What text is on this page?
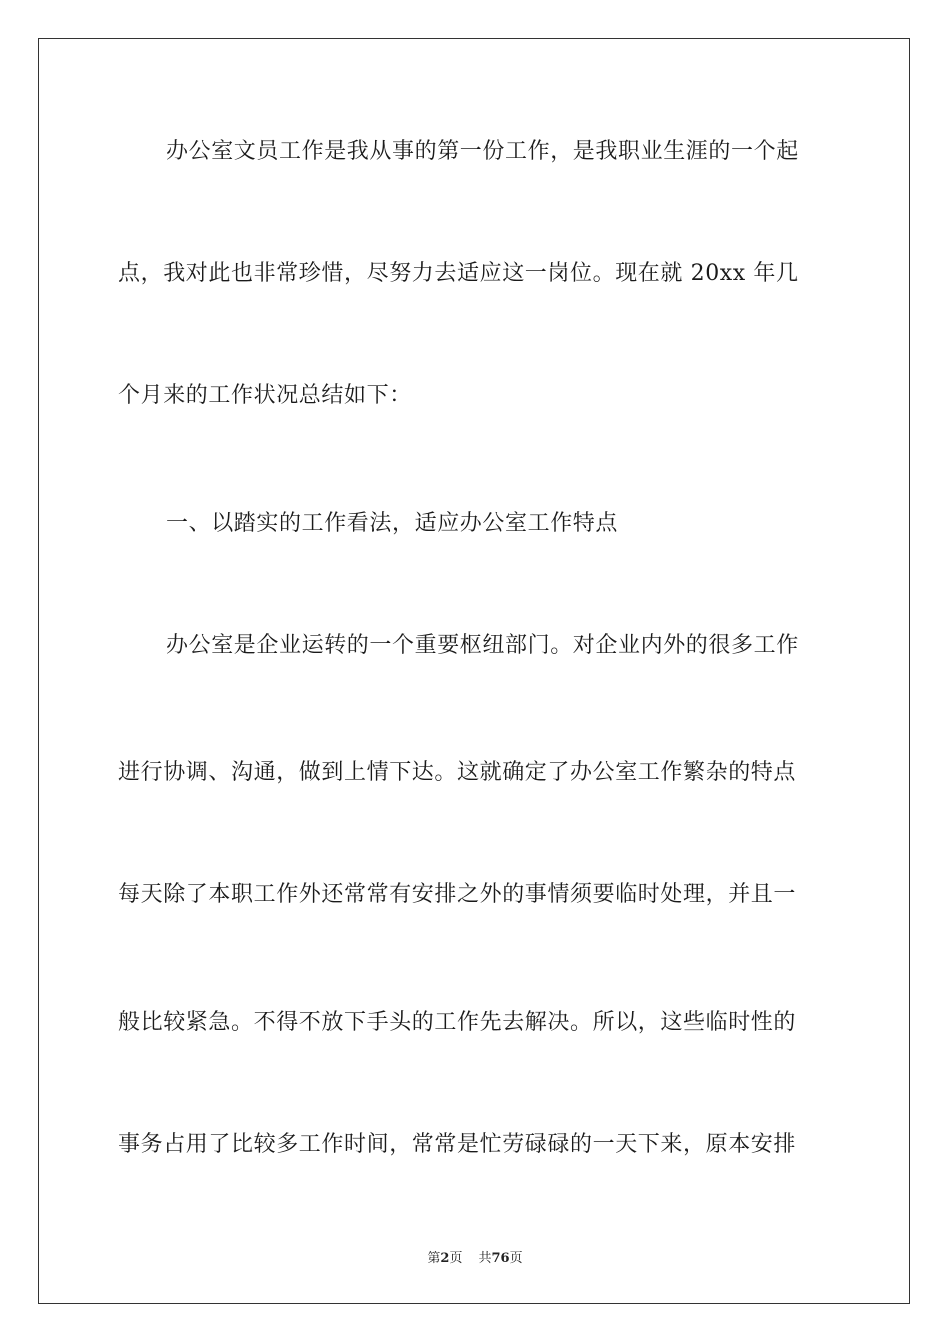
办公室文员工作是我从事的第一份工作，是我职业生涯的一个起
点，我对此也非常珍惜，尽努力去适应这一岗位。现在就 20xx 年几
个月来的工作状况总结如下：
一、以踏实的工作看法，适应办公室工作特点
办公室是企业运转的一个重要枢纽部门。对企业内外的很多工作
进行协调、沟通，做到上情下达。这就确定了办公室工作繁杂的特点
每天除了本职工作外还常常有安排之外的事情须要临时处理，并且一
般比较紧急。不得不放下手头的工作先去解决。所以，这些临时性的
事务占用了比较多工作时间，常常是忙劳碌碌的一天下来，原本安排
第2页 共76页
